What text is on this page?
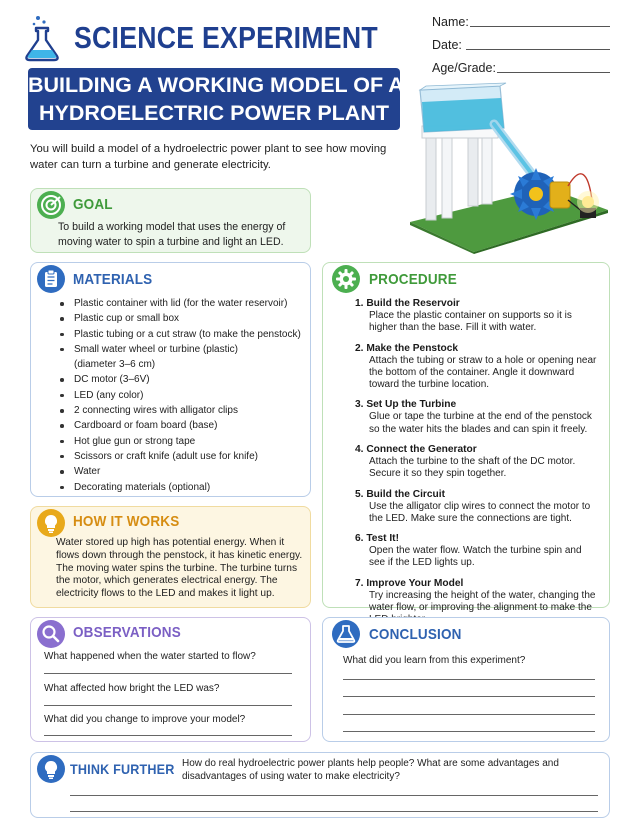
SCIENCE EXPERIMENT
BUILDING A WORKING MODEL OF A
HYDROELECTRIC POWER PLANT
Name:
Date:
Age/Grade:
You will build a model of a hydroelectric power plant to see how moving water can turn a turbine and generate electricity.
GOAL
To build a working model that uses the energy of moving water to spin a turbine and light an LED.
MATERIALS
Plastic container with lid (for the water reservoir)
Plastic cup or small box
Plastic tubing or a cut straw (to make the penstock)
Small water wheel or turbine (plastic)
(diameter 3–6 cm)
DC motor (3–6V)
LED (any color)
2 connecting wires with alligator clips
Cardboard or foam board (base)
Hot glue gun or strong tape
Scissors or craft knife (adult use for knife)
Water
Decorating materials (optional)
HOW IT WORKS
Water stored up high has potential energy. When it flows down through the penstock, it has kinetic energy. The moving water spins the turbine. The turbine turns the motor, which generates electrical energy. The electricity flows to the LED and makes it light up.
PROCEDURE
1. Build the Reservoir
Place the plastic container on supports so it is higher than the base. Fill it with water.
2. Make the Penstock
Attach the tubing or straw to a hole or opening near the bottom of the container. Angle it downward toward the turbine location.
3. Set Up the Turbine
Glue or tape the turbine at the end of the penstock so the water hits the blades and can spin it freely.
4. Connect the Generator
Attach the turbine to the shaft of the DC motor. Secure it so they spin together.
5. Build the Circuit
Use the alligator clip wires to connect the motor to the LED. Make sure the connections are tight.
6. Test It!
Open the water flow. Watch the turbine spin and see if the LED lights up.
7. Improve Your Model
Try increasing the height of the water, changing the water flow, or improving the alignment to make the
OBSERVATIONS
What happened when the water started to flow?
What affected how bright the LED was?
What did you change to improve your model?
CONCLUSION
What did you learn from this experiment?
THINK FURTHER How do real hydroelectric power plants help people? What are some advantages and disadvantages of using water to make electricity?
